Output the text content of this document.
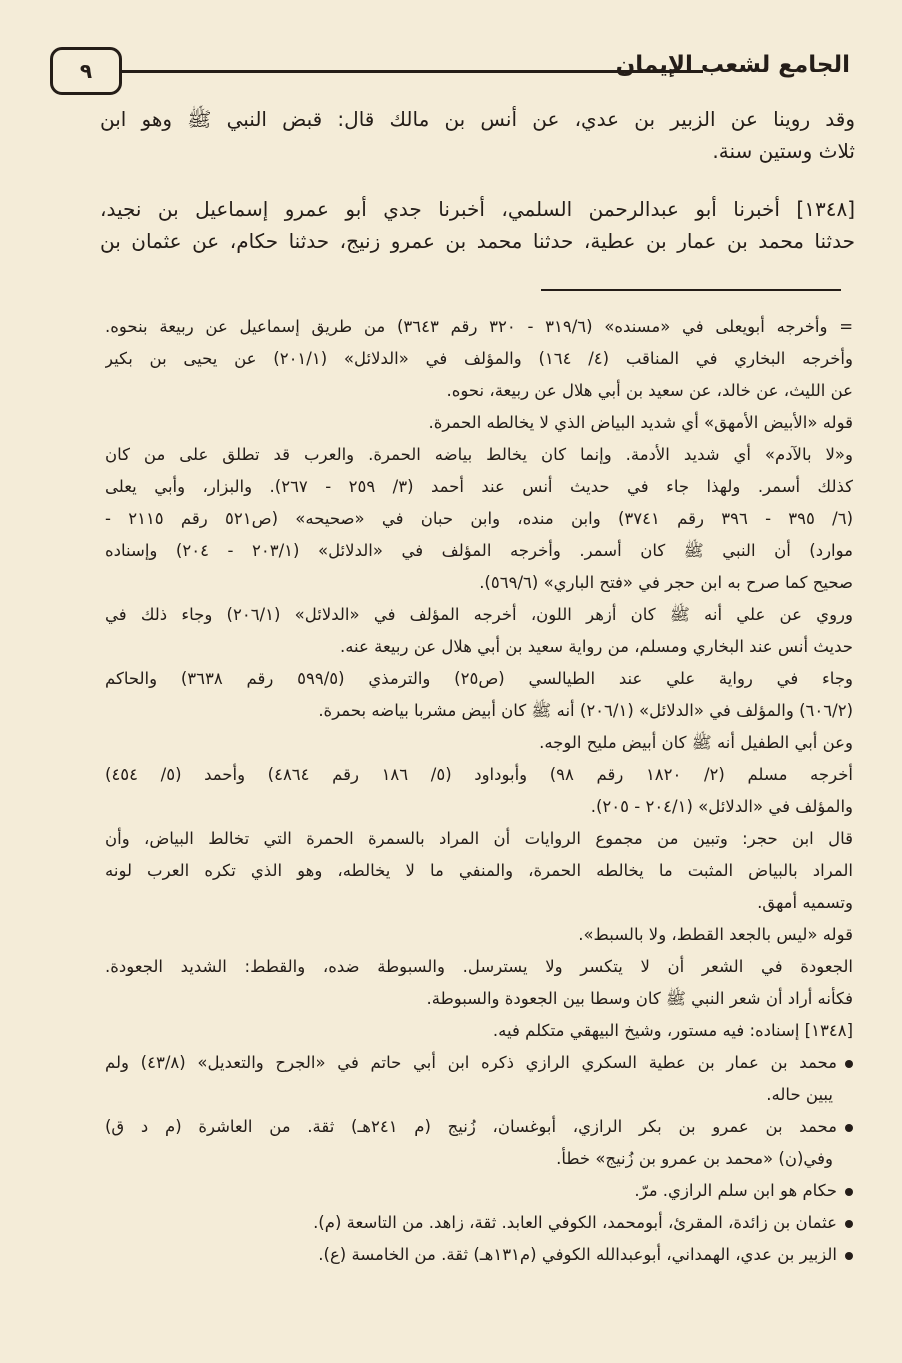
٩	الجامع لشعب الإيمان
وقد روينا عن الزبير بن عدي، عن أنس بن مالك قال: قبض النبي ﷺ وهو ابن
ثلاث وستين سنة.
[١٣٤٨] أخبرنا أبو عبدالرحمن السلمي، أخبرنا جدي أبو عمرو إسماعيل بن نجيد،
حدثنا محمد بن عمار بن عطية، حدثنا محمد بن عمرو زنيج، حدثنا حكام، عن عثمان بن
= وأخرجه أبويعلى في «مسنده» (٣١٩/٦ - ٣٢٠ رقم ٣٦٤٣) من طريق إسماعيل عن ربيعة بنحوه.
وأخرجه البخاري في المناقب (٤/ ١٦٤) والمؤلف في «الدلائل» (٢٠١/١) عن يحيى بن بكير
عن الليث، عن خالد، عن سعيد بن أبي هلال عن ربيعة، نحوه.
قوله «الأبيض الأمهق» أي شديد البياض الذي لا يخالطه الحمرة.
و«لا بالآدم» أي شديد الأدمة. وإنما كان يخالط بياضه الحمرة. والعرب قد تطلق على من كان
كذلك أسمر. ولهذا جاء في حديث أنس عند أحمد (٣/ ٢٥٩ - ٢٦٧). والبزار، وأبي يعلى
(٦/ ٣٩٥ - ٣٩٦ رقم ٣٧٤١) وابن منده، وابن حبان في «صحيحه» (ص٥٢١ رقم ٢١١٥ -
موارد) أن النبي ﷺ كان أسمر. وأخرجه المؤلف في «الدلائل» (٢٠٣/١ - ٢٠٤) وإسناده
صحيح كما صرح به ابن حجر في «فتح الباري» (٥٦٩/٦).
وروي عن علي أنه ﷺ كان أزهر اللون، أخرجه المؤلف في «الدلائل» (٢٠٦/١) وجاء ذلك في
حديث أنس عند البخاري ومسلم، من رواية سعيد بن أبي هلال عن ربيعة عنه.
وجاء في رواية علي عند الطيالسي (ص٢٥) والترمذي (٥٩٩/٥ رقم ٣٦٣٨) والحاكم
(٦٠٦/٢) والمؤلف في «الدلائل» (٢٠٦/١) أنه ﷺ كان أبيض مشربا بياضه بحمرة.
وعن أبي الطفيل أنه ﷺ كان أبيض مليح الوجه.
أخرجه مسلم (٢/ ١٨٢٠ رقم ٩٨) وأبوداود (٥/ ١٨٦ رقم ٤٨٦٤) وأحمد (٥/ ٤٥٤)
والمؤلف في «الدلائل» (٢٠٤/١ - ٢٠٥).
قال ابن حجر: وتبين من مجموع الروايات أن المراد بالسمرة الحمرة التي تخالط البياض، وأن
المراد بالبياض المثبت ما يخالطه الحمرة، والمنفي ما لا يخالطه، وهو الذي تكره العرب لونه
وتسميه أمهق.
قوله «ليس بالجعد القطط، ولا بالسبط».
الجعودة في الشعر أن لا يتكسر ولا يسترسل. والسبوطة ضده، والقطط: الشديد الجعودة.
فكأنه أراد أن شعر النبي ﷺ كان وسطا بين الجعودة والسبوطة.
[١٣٤٨] إسناده: فيه مستور، وشيخ البيهقي متكلم فيه.
محمد بن عمار بن عطية السكري الرازي ذكره ابن أبي حاتم في «الجرح والتعديل» (٤٣/٨) ولم
يبين حاله.
محمد بن عمرو بن بكر الرازي، أبوغسان، زُنيج (م ٢٤١هـ) ثقة. من العاشرة (م د ق)
وفي(ن) «محمد بن عمرو بن زُنيج» خطأ.
حكام هو ابن سلم الرازي. مرّ.
عثمان بن زائدة، المقرئ، أبومحمد، الكوفي العابد. ثقة، زاهد. من التاسعة (م).
الزبير بن عدي، الهمداني، أبوعبدالله الكوفي (م١٣١هـ) ثقة. من الخامسة (ع).
